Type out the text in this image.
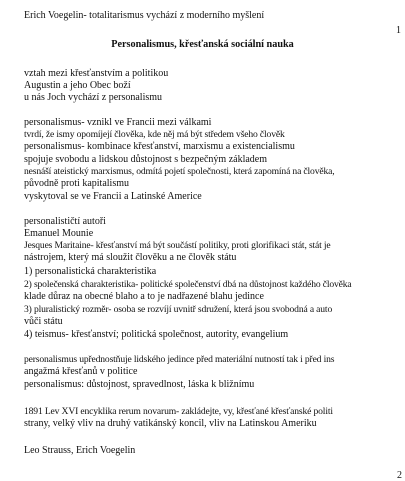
Erich Voegelin- totalitarismus vychází z moderního myšlení
1
Personalismus, křesťanská sociální nauka
vztah mezi křesťanstvím a politikou
Augustin a jeho Obec boží
u nás Joch vychází z personalismu
personalismus- vznikl ve Francii mezi válkami
tvrdí, že ismy opomíjejí člověka, kde něj má být středem všeho člověk
personalismus- kombinace křesťanství, marxismu a existencialismu
spojuje svobodu a lidskou důstojnost s bezpečným základem
nesnáší ateistický marxismus, odmítá pojetí společnosti, která zapomíná na člověka,
původně proti kapitalismu
vyskytoval se ve Francii a Latinské Americe
personalističtí autoři
Emanuel Mounie
Jesques Maritaine- křesťanství má být součástí politiky, proti glorifikaci stát, stát je
nástrojem, který má sloužit člověku a ne člověk státu
1) personalistická charakteristika
2) společenská charakteristika- politické společenství dbá na důstojnost každého člověka
klade důraz na obecné blaho a to je nadřazené blahu jedince
3) pluralistický rozměr- osoba se rozvíjí uvnitř sdružení, která jsou svobodná a auto
vůči státu
4) teismus- křesťanství; politická společnost, autority, evangelium
personalismus upřednostňuje lidského jedince před materiální nutností tak i před ins
angažmá křesťanů v politice
personalismus: důstojnost, spravedlnost, láska k bližnímu
1891 Lev XVI encyklika rerum novarum- zakládejte, vy, křesťané křesťanské politi
strany, velký vliv na druhý vatikánský koncil, vliv na Latinskou Ameriku
Leo Strauss, Erich Voegelin
2
